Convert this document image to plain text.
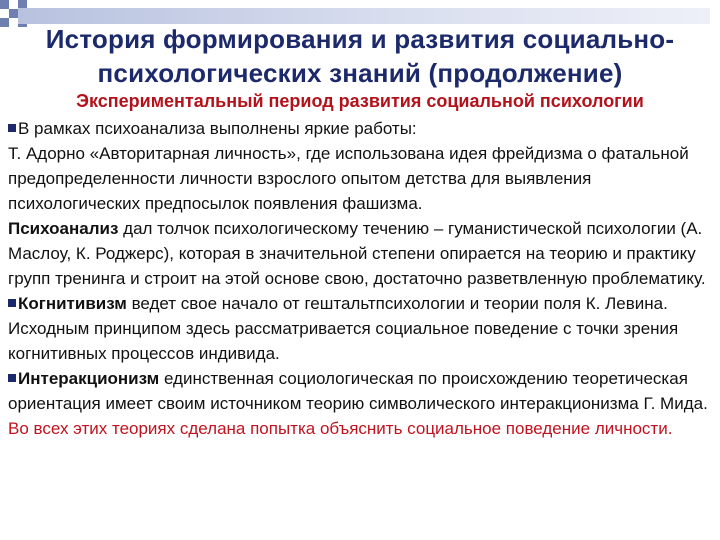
История формирования и развития социально-психологических знаний (продолжение)
Экспериментальный период развития социальной психологии

В рамках психоанализа выполнены яркие работы:

Т. Адорно «Авторитарная личность», где использована идея фрейдизма о фатальной предопределенности личности взрослого опытом детства для выявления психологических предпосылок появления фашизма.

Психоанализ дал толчок психологическому течению – гуманистической психологии (А. Маслоу, К. Роджерс), которая в значительной степени опирается на теорию и практику групп тренинга и строит на этой основе свою, достаточно разветвленную проблематику.

Когнитивизм ведет свое начало от гештальтпсихологии и теории поля К. Левина. Исходным принципом здесь рассматривается социальное поведение с точки зрения когнитивных процессов индивида.

Интеракционизм единственная социологическая по происхождению теоретическая ориентация имеет своим источником теорию символического интеракционизма Г. Мида.

Во всех этих теориях сделана попытка объяснить социальное поведение личности.
